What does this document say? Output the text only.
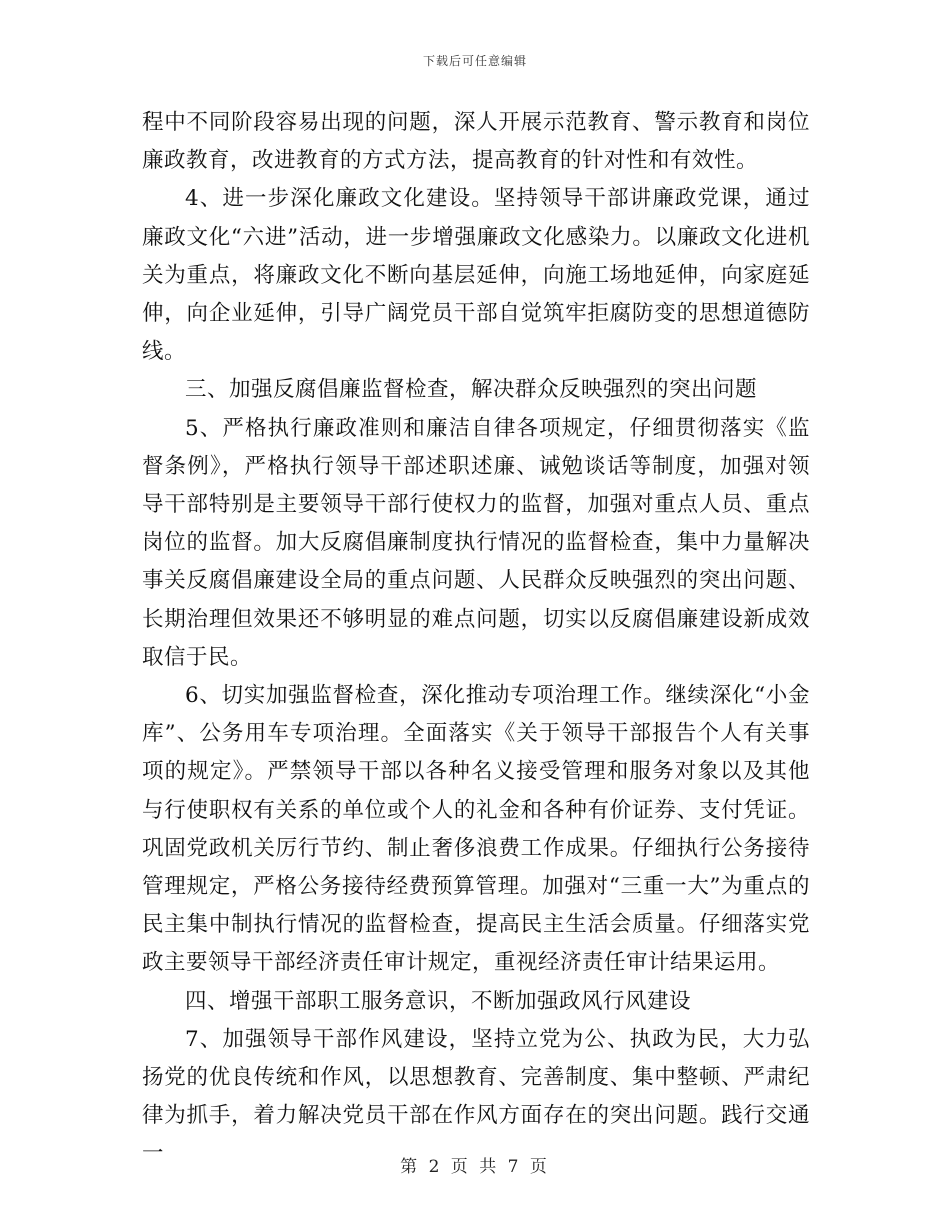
下载后可任意编辑

程中不同阶段容易出现的问题，深人开展示范教育、警示教育和岗位廉政教育，改进教育的方式方法，提高教育的针对性和有效性。

4、进一步深化廉政文化建设。坚持领导干部讲廉政党课，通过廉政文化“六进”活动，进一步增强廉政文化感染力。以廉政文化进机关为重点，将廉政文化不断向基层延伸，向施工场地延伸，向家庭延伸，向企业延伸，引导广阔党员干部自觉筑牢拒腐防变的思想道德防线。

三、加强反腐倡廉监督检查，解决群众反映强烈的突出问题

5、严格执行廉政准则和廉洁自律各项规定，仔细贯彻落实《监督条例》，严格执行领导干部述职述廉、诫勉谈话等制度，加强对领导干部特别是主要领导干部行使权力的监督，加强对重点人员、重点岗位的监督。加大反腐倡廉制度执行情况的监督检查，集中力量解决事关反腐倡廉建设全局的重点问题、人民群众反映强烈的突出问题、长期治理但效果还不够明显的难点问题，切实以反腐倡廉建设新成效取信于民。

6、切实加强监督检查，深化推动专项治理工作。继续深化“小金库”、公务用车专项治理。全面落实《关于领导干部报告个人有关事项的规定》。严禁领导干部以各种名义接受管理和服务对象以及其他与行使职权有关系的单位或个人的礼金和各种有价证券、支付凭证。巩固党政机关厉行节约、制止奢侈浪费工作成果。仔细执行公务接待管理规定，严格公务接待经费预算管理。加强对“三重一大”为重点的民主集中制执行情况的监督检查，提高民主生活会质量。仔细落实党政主要领导干部经济责任审计规定，重视经济责任审计结果运用。

四、增强干部职工服务意识，不断加强政风行风建设

7、加强领导干部作风建设，坚持立党为公、执政为民，大力弘扬党的优良传统和作风，以思想教育、完善制度、集中整顿、严肃纪律为抓手，着力解决党员干部在作风方面存在的突出问题。践行交通一

第 2 页 共 7 页
